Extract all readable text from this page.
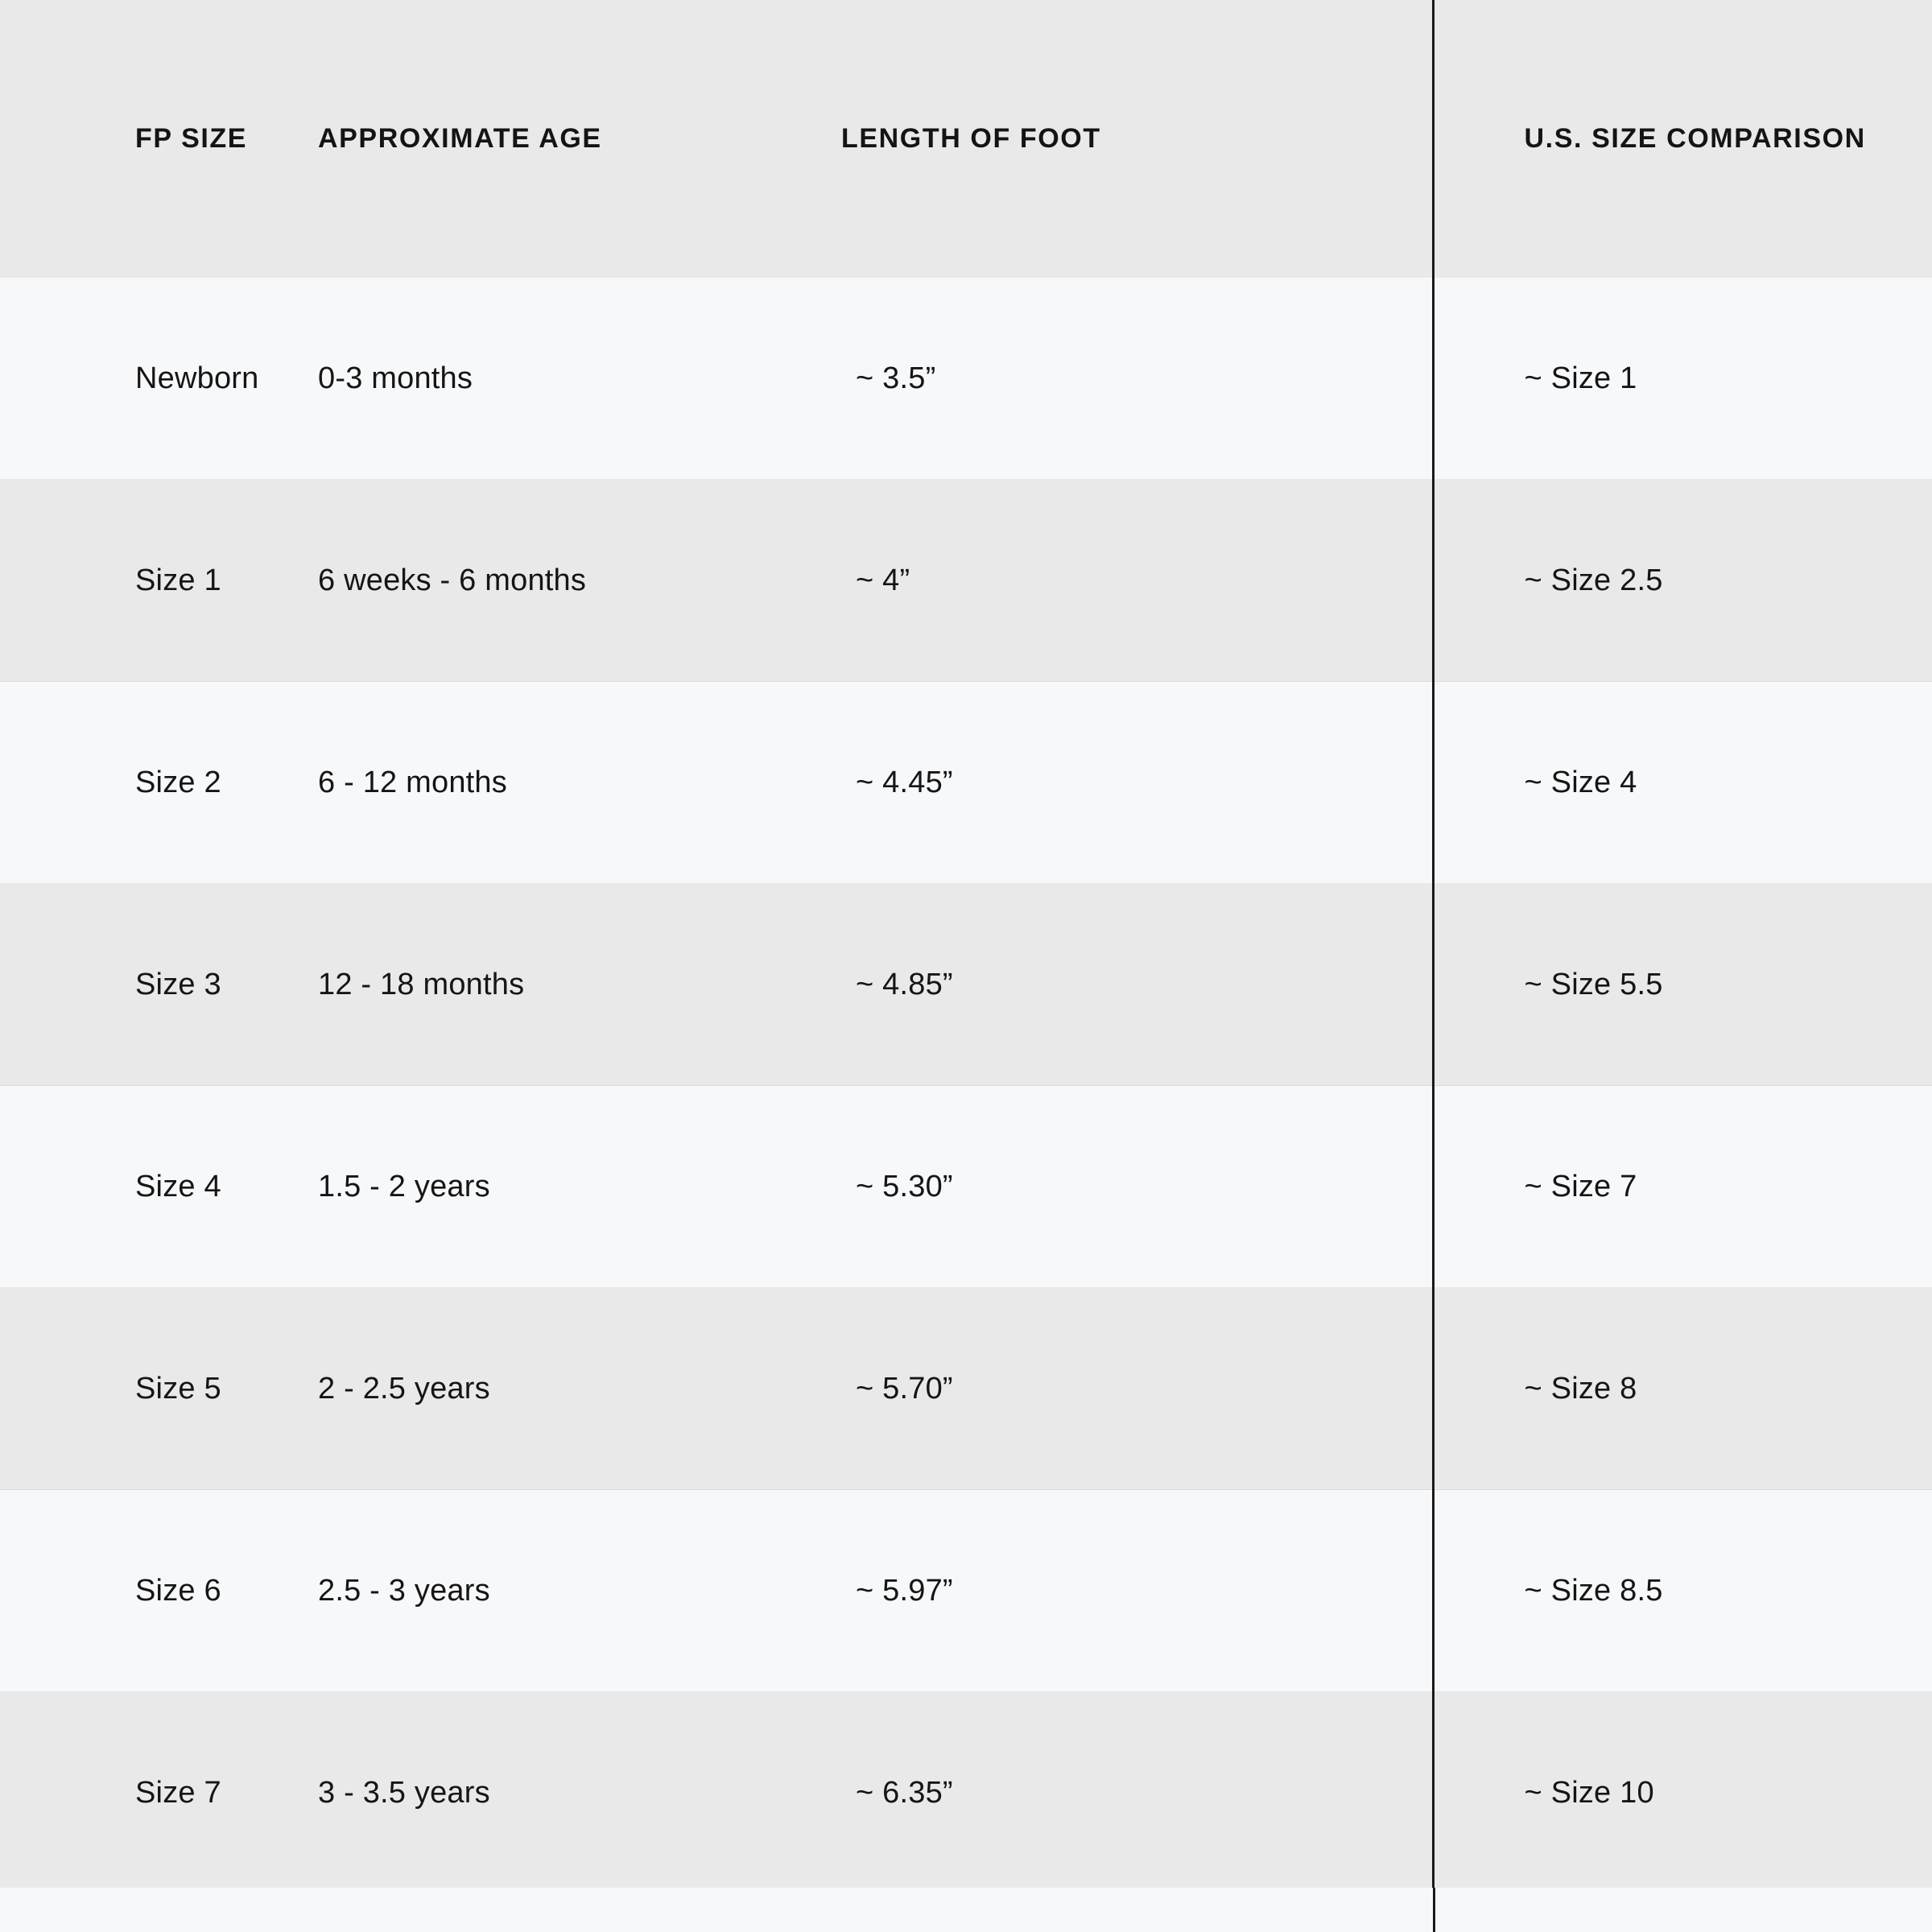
FP SIZE	APPROXIMATE AGE	LENGTH OF FOOT	U.S. SIZE COMPARISON

Newborn	0-3 months	~ 3.5”	~ Size 1

Size 1	6 weeks - 6 months	~ 4”	~ Size 2.5

Size 2	6 - 12 months	~ 4.45”	~ Size 4

Size 3	12 - 18 months	~ 4.85”	~ Size 5.5

Size 4	1.5 - 2 years	~ 5.30”	~ Size 7

Size 5	2 - 2.5 years	~ 5.70”	~ Size 8

Size 6	2.5 - 3 years	~ 5.97”	~ Size 8.5

Size 7	3 - 3.5 years	~ 6.35”	~ Size 10
